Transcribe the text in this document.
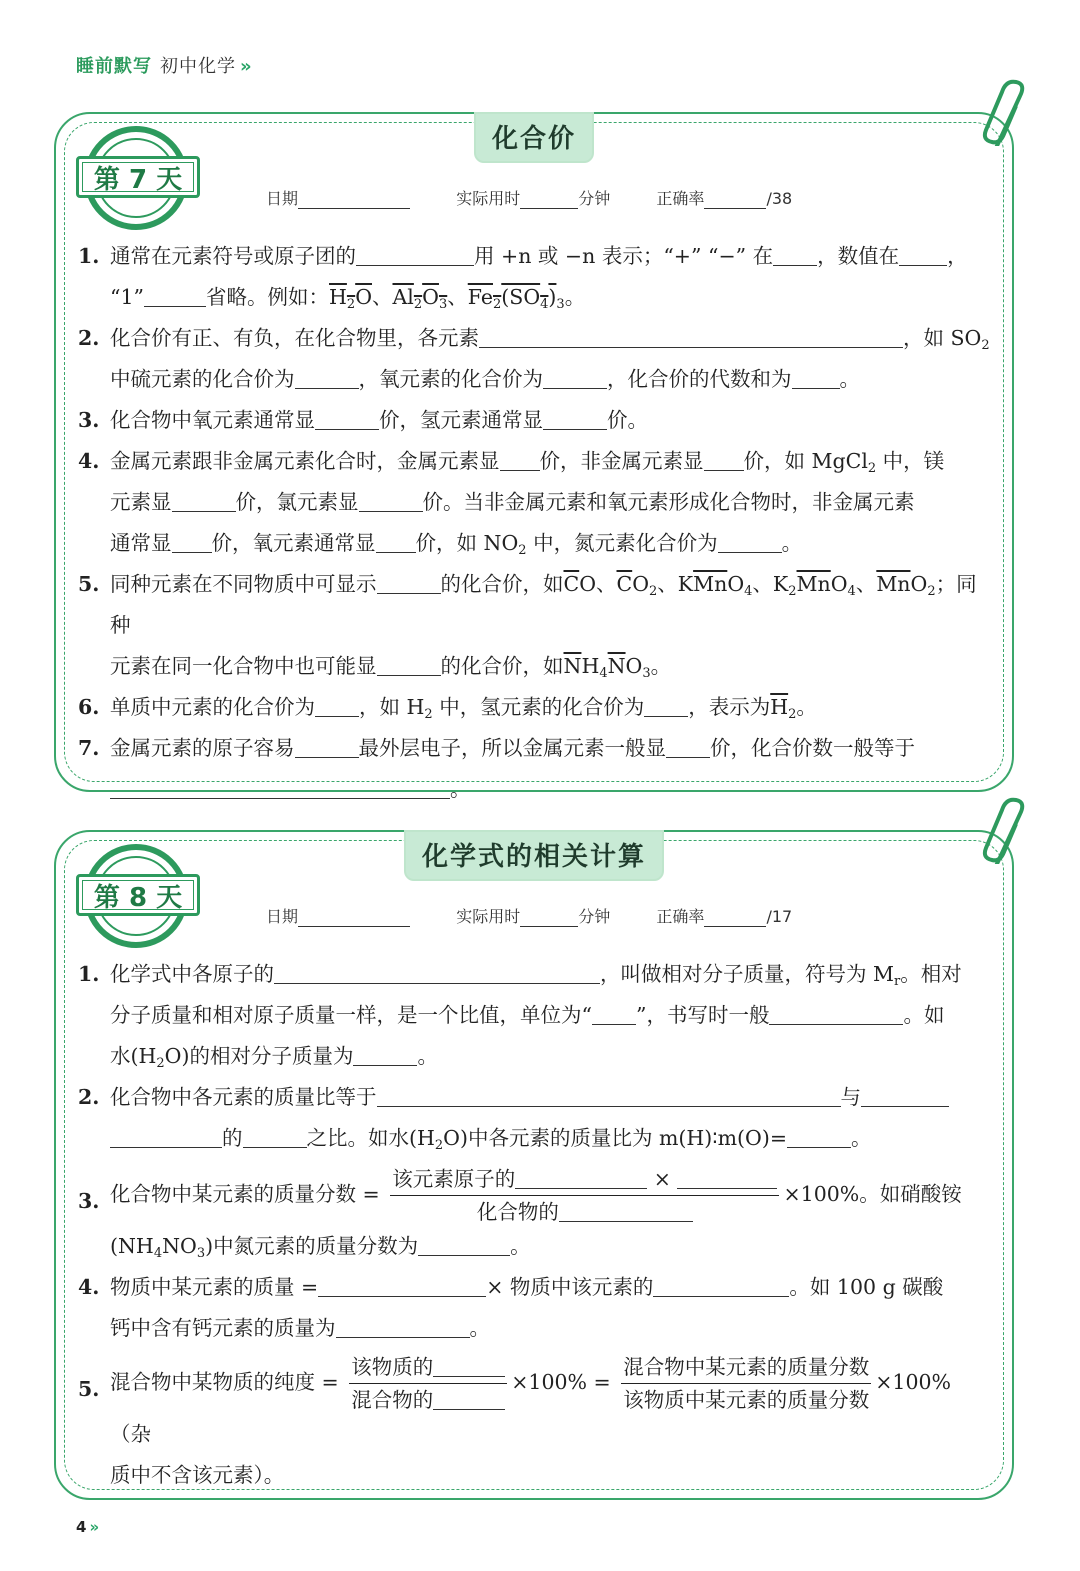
睡前默写 初中化学 »
化合价
第 7 天
日期	实际用时	分钟	正确率	/38
1. 通常在元素符号或原子团的	用 +n 或 −n 表示；“+” “−” 在 ，数值在 ，
“1”	省略。例如：$H_2O$、$Al_2O_3$、$Fe_2(SO_4)_3$。
2. 化合价有正、有负，在化合物里，各元素	，如 $SO_2$
中硫元素的化合价为	，氧元素的化合价为	，化合价的代数和为 。
3. 化合物中氧元素通常显	价，氢元素通常显	价。
4. 金属元素跟非金属元素化合时，金属元素显 价，非金属元素显 价，如 MgCl$_2$ 中，镁
元素显	价，氯元素显	价。当非金属元素和氧元素形成化合物时，非金属元素
通常显 价，氧元素通常显 价，如 $NO_2$ 中，氮元素化合价为	。
5. 同种元素在不同物质中可显示	的化合价，如$\overline{C}O$、$\overline{C}O_2$、$K\overline{Mn}O_4$、$K_2\overline{Mn}O_4$、$\overline{Mn}O_2$；同种
元素在同一化合物中也可能显	的化合价，如$\overline{N}H_4\overline{N}O_3$。
6. 单质中元素的化合价为 ，如 $H_2$ 中，氢元素的化合价为 ，表示为$\overline{H}_2$。
7. 金属元素的原子容易	最外层电子，所以金属元素一般显 价，化合价数一般等于
。
化学式的相关计算
第 8 天
日期	实际用时	分钟	正确率	/17
1. 化学式中各原子的	，叫做相对分子质量，符号为 $M_r$。相对
分子质量和相对原子质量一样，是一个比值，单位为“ ”，书写时一般	。如
水$(H_2O)$的相对分子质量为	。
2. 化合物中各元素的质量比等于	与
的	之比。如水$(H_2O)$中各元素的质量比为 m(H)∶m(O)=	。
3. 化合物中某元素的质量分数 = 该元素原子的	×
化合物的 ×100%。如硝酸铵
$(NH_4NO_3)$中氮元素的质量分数为	。
4. 物质中某元素的质量 =	× 物质中该元素的	。如 100 g 碳酸
钙中含有钙元素的质量为	。
5. 混合物中某物质的纯度 = $\frac{\text{该物质的}}{\text{混合物的}} \times 100\% = \frac{\text{混合物中某元素的质量分数}}{\text{该物质中某元素的质量分数}} \times 100\%$（杂
质中不含该元素）。
4 »
